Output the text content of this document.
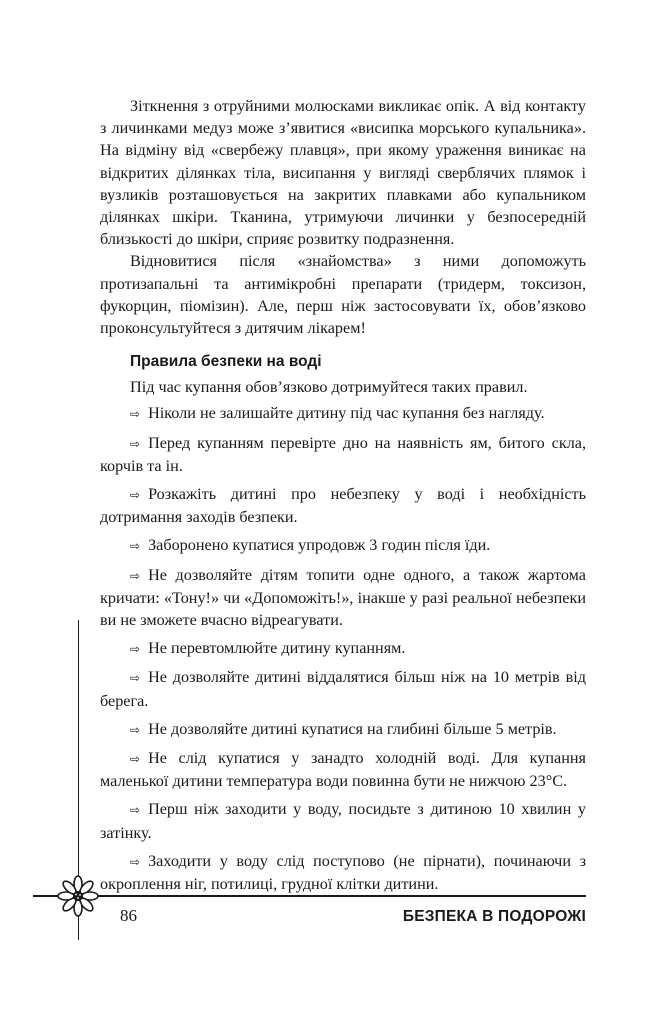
Зіткнення з отруйними молюсками викликає опік. А від контакту з личинками медуз може з’явитися «висипка морського купальника». На відміну від «свербежу плавця», при якому ураження виникає на відкритих ділянках тіла, висипання у вигляді сверблячих плямок і вузликів розташовується на закритих плавками або купальником ділянках шкіри. Тканина, утримуючи личинки у безпосередній близькості до шкіри, сприяє розвитку подразнення.

Відновитися після «знайомства» з ними допоможуть протизапальні та антимікробні препарати (тридерм, токсизон, фукорцин, піомізин). Але, перш ніж застосовувати їх, обов’язково проконсультуйтеся з дитячим лікарем!

Правила безпеки на воді

Під час купання обов’язково дотримуйтеся таких правил.

⇨ Ніколи не залишайте дитину під час купання без нагляду.
⇨ Перед купанням перевірте дно на наявність ям, битого скла, корчів та ін.
⇨ Розкажіть дитині про небезпеку у воді і необхідність дотримання заходів безпеки.
⇨ Заборонено купатися упродовж 3 годин після їди.
⇨ Не дозволяйте дітям топити одне одного, а також жартома кричати: «Тону!» чи «Допоможіть!», інакше у разі реальної небезпеки ви не зможете вчасно відреагувати.
⇨ Не перевтомлюйте дитину купанням.
⇨ Не дозволяйте дитині віддалятися більш ніж на 10 метрів від берега.
⇨ Не дозволяйте дитині купатися на глибині більше 5 метрів.
⇨ Не слід купатися у занадто холодній воді. Для купання маленької дитини температура води повинна бути не нижчою 23°С.
⇨ Перш ніж заходити у воду, посидьте з дитиною 10 хвилин у затінку.
⇨ Заходити у воду слід поступово (не пірнати), починаючи з окроплення ніг, потилиці, грудної клітки дитини.
86	БЕЗПЕКА В ПОДОРОЖІ
